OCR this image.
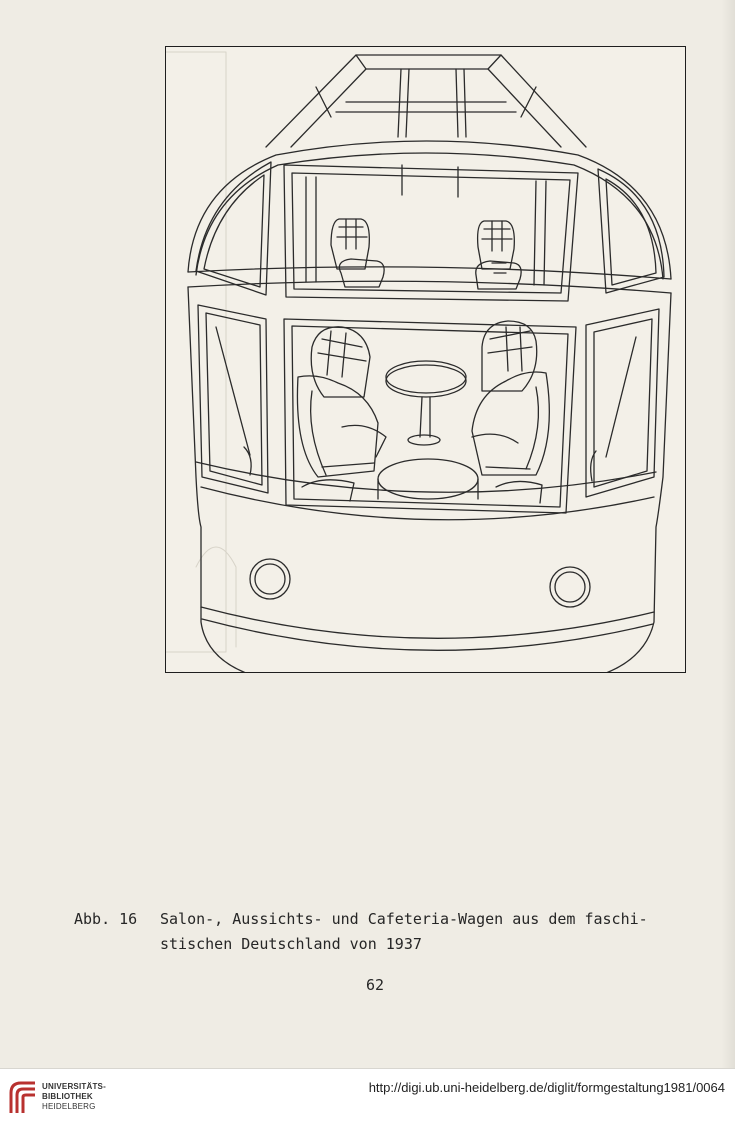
Abb. 16

Salon-, Aussichts- und Cafeteria-Wagen aus dem faschi-

stischen Deutschland von 1937

62
UNIVERSITÄTS-
BIBLIOTHEK
HEIDELBERG
http://digi.ub.uni-heidelberg.de/diglit/formgestaltung1981/0064
